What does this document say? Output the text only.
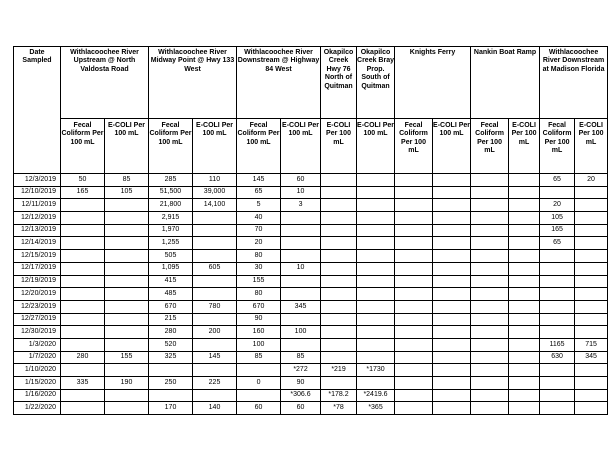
Date Sampled	Withlacoochee River Upstream @ North Valdosta Road		Withlacoochee River Midway Point @ Hwy 133 West		Withlacoochee River Downstream @ Highway 84 West		Okapilco Creek Hwy 76 North of Quitman	Okapilco Creek Bray Prop. South of Quitman	Knights Ferry		Nankin Boat Ramp		Withlacoochee River Downstream at Madison Florida	
	Fecal Coliform Per 100 mL	E-COLI Per 100 mL	Fecal Coliform Per 100 mL	E-COLI Per 100 mL	Fecal Coliform Per 100 mL	E-COLI Per 100 mL	E-COLI Per 100 mL	E-COLI Per 100 mL	Fecal Coliform Per 100 mL	E-COLI Per 100 mL	Fecal Coliform Per 100 mL	E-COLI Per 100 mL	Fecal Coliform Per 100 mL	E-COLI Per 100 mL
12/3/2019	50	85	285	110	145	60							65	20
12/10/2019	165	105	51,500	39,000	65	10								
12/11/2019			21,800	14,100	5	3							20	
12/12/2019			2,915		40								105	
12/13/2019			1,970		70								165	
12/14/2019			1,255		20								65	
12/15/2019			505		80									
12/17/2019			1,095	605	30	10								
12/19/2019			415		155									
12/20/2019			485		80									
12/23/2019			670	780	670	345								
12/27/2019			215		90									
12/30/2019			280	200	160	100								
1/3/2020			520		100								1165	715
1/7/2020	280	155	325	145	85	85							630	345
1/10/2020						*272	*219	*1730						
1/15/2020	335	190	250	225	0	90								
1/16/2020						*306.6	*178.2	*2419.6						
1/22/2020			170	140	60	60	*78	*365						
